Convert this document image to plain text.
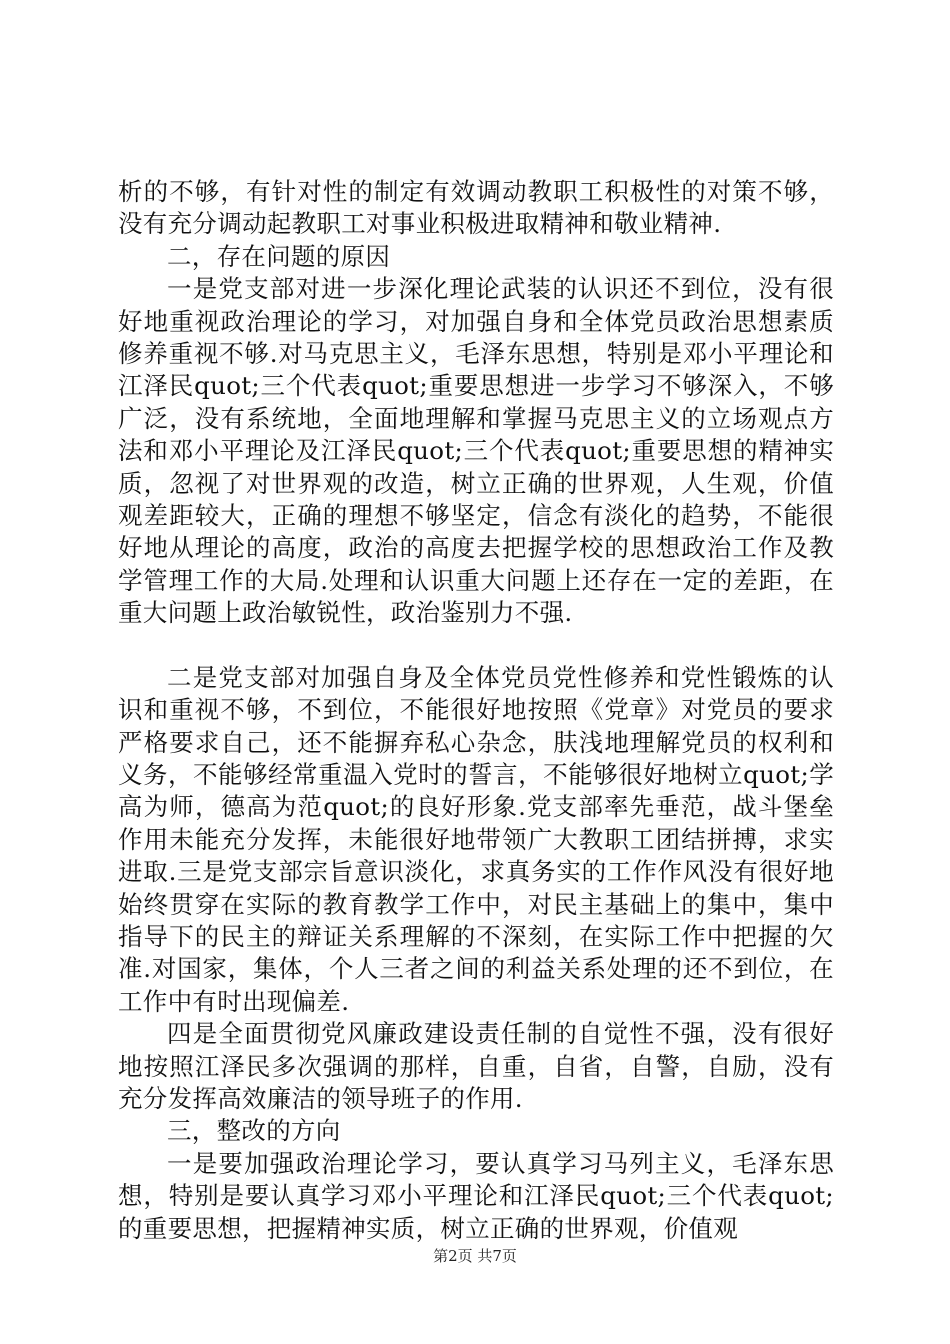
析的不够，有针对性的制定有效调动教职工积极性的对策不够，没有充分调动起教职工对事业积极进取精神和敬业精神.

二，存在问题的原因

一是党支部对进一步深化理论武装的认识还不到位，没有很好地重视政治理论的学习，对加强自身和全体党员政治思想素质修养重视不够.对马克思主义，毛泽东思想，特别是邓小平理论和江泽民quot;三个代表quot;重要思想进一步学习不够深入，不够广泛，没有系统地，全面地理解和掌握马克思主义的立场观点方法和邓小平理论及江泽民quot;三个代表quot;重要思想的精神实质，忽视了对世界观的改造，树立正确的世界观，人生观，价值观差距较大，正确的理想不够坚定，信念有淡化的趋势，不能很好地从理论的高度，政治的高度去把握学校的思想政治工作及教学管理工作的大局.处理和认识重大问题上还存在一定的差距，在重大问题上政治敏锐性，政治鉴别力不强.

二是党支部对加强自身及全体党员党性修养和党性锻炼的认识和重视不够，不到位，不能很好地按照《党章》对党员的要求严格要求自己，还不能摒弃私心杂念，肤浅地理解党员的权利和义务，不能够经常重温入党时的誓言，不能够很好地树立quot;学高为师，德高为范quot;的良好形象.党支部率先垂范，战斗堡垒作用未能充分发挥，未能很好地带领广大教职工团结拼搏，求实进取.三是党支部宗旨意识淡化，求真务实的工作作风没有很好地始终贯穿在实际的教育教学工作中，对民主基础上的集中，集中指导下的民主的辩证关系理解的不深刻，在实际工作中把握的欠准.对国家，集体，个人三者之间的利益关系处理的还不到位，在工作中有时出现偏差.

四是全面贯彻党风廉政建设责任制的自觉性不强，没有很好地按照江泽民多次强调的那样，自重，自省，自警，自励，没有充分发挥高效廉洁的领导班子的作用.

三，整改的方向

一是要加强政治理论学习，要认真学习马列主义，毛泽东思想，特别是要认真学习邓小平理论和江泽民quot;三个代表quot;的重要思想，把握精神实质，树立正确的世界观，价值观

第2页 共7页
